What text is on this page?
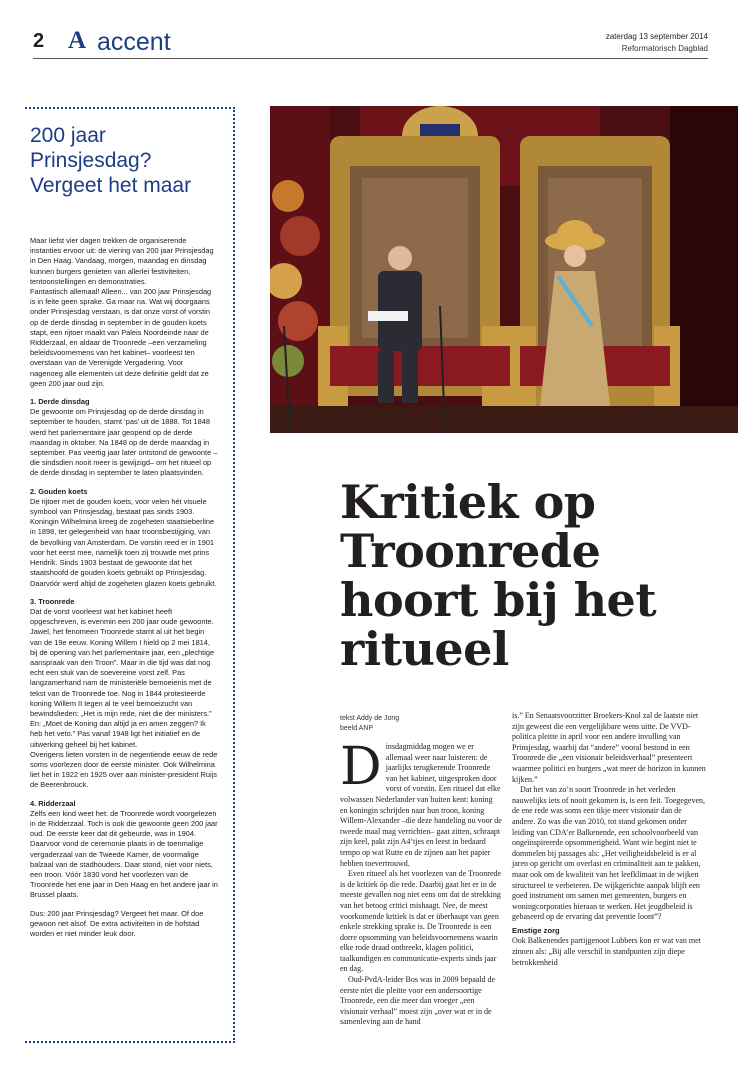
2 A accent	zaterdag 13 september 2014
Reformatorisch Dagblad
200 jaar Prinsjesdag? Vergeet het maar

Maar liefst vier dagen trekken de organiserende instanties ervoor uit: de viering van 200 jaar Prinsjesdag in Den Haag. Vandaag, morgen, maandag en dinsdag kunnen burgers genieten van allerlei festiviteiten, tentoonstellingen en demonstraties.

Fantastisch allemaal! Alleen... van 200 jaar Prinsjesdag is in feite geen sprake. Ga maar na. Wat wij doorgaans onder Prinsjesdag verstaan, is dat onze vorst of vorstin op de derde dinsdag in september in de gouden koets stapt, een rijtoer maakt van Paleis Noordeinde naar de Ridderzaal, en aldaar de Troonrede –een verzameling beleidsvoornemens van het kabinet– voorleest ten overstaan van de Verenigde Vergadering. Voor nagenoeg alle elementen uit deze definitie geldt dat ze geen 200 jaar oud zijn.

1. Derde dinsdag

De gewoonte om Prinsjesdag op de derde dinsdag in september te houden, stamt ‘pas’ uit de 1888. Tot 1848 werd het parlementaire jaar geopend op de derde maandag in oktober. Na 1848 op de derde maandag in september. Pas veertig jaar later ontstond de gewoonte –die sindsdien nooit meer is gewijzigd– om het ritueel op de derde dinsdag in september te laten plaatsvinden.

2. Gouden koets

De rijtoer met de gouden koets, voor velen hét visuele symbool van Prinsjesdag, bestaat pas sinds 1903. Koningin Wilhelmina kreeg de zogeheten staatsieberline in 1898, ter gelegenheid van haar troonsbestijging, van de bevolking van Amsterdam. De vorstin reed er in 1901 voor het eerst mee, namelijk toen zij trouwde met prins Hendrik. Sinds 1903 bestaat de gewoonte dat het staatshoofd de gouden koets gebruikt op Prinsjesdag. Daarvóór werd altijd de zogeheten glazen koets gebruikt.

3. Troonrede

Dat de vorst voorleest wat het kabinet heeft opgeschreven, is evenmin een 200 jaar oude gewoonte. Jawel, het fenomeen Troonrede stamt al uit het begin van de 19e eeuw. Koning Willem I hield op 2 mei 1814, bij de opening van het parlementaire jaar, een „plechtige aanspraak van den Troon”. Maar in die tijd was dat nog echt een stuk van de soevereine vorst zelf. Pas langzamerhand nam de ministeriële bemoeienis met de tekst van de Troonrede toe. Nog in 1844 protesteerde koning Willem II tegen al te veel bemoeizucht van bewindslieden: „Het is mijn rede, niet die der ministers.” En: „Moet de Koning dan altijd ja en amen zeggen? Ik heb het veto.” Pas vanaf 1948 ligt het initiatief en de uitwerking geheel bij het kabinet.

Overigens lieten vorsten in de negentiende eeuw de rede soms voorlezen door de eerste minister. Ook Wilhelmina liet het in 1922 en 1925 over aan minister-president Ruijs de Beerenbrouck.

4. Ridderzaal

Zelfs een kind weet het: de Troonrede wordt voorgelezen in de Ridderzaal. Toch is ook die gewoonte geen 200 jaar oud. De eerste keer dat dit gebeurde, was in 1904. Daarvoor vond de ceremonie plaats in de toenmalige vergaderzaal van de Tweede Kamer, de voormalige balzaal van de stadhouders. Daar stond, niet voor niets, een troon. Vóór 1830 vond het voorlezen van de Troonrede het ene jaar in Den Haag en het andere jaar in Brussel plaats.

Dus: 200 jaar Prinsjesdag? Vergeet het maar. Of doe gewoon net alsof. De extra activiteiten in de hofstad worden er niet minder leuk door.

Kritiek op Troonrede hoort bij het ritueel
tekst Addy de Jong
beeld ANP
D insdagmiddag mogen we er allemaal weer naar luisteren: de jaarlijks terugkerende Troonrede van het kabinet, uitgesproken door vorst of vorstin. Een ritueel dat elke volwassen Nederlander van buiten kent: koning en koningin schrijden naar hun troon, koning Willem-Alexander –die deze handeling nu voor de tweede maal mag verrichten– gaat zitten, schraapt zijn keel, pakt zijn A4’tjes en leest in bedaard tempo op wat Rutte en de zijnen aan het papier hebben toevertrouwd.

Even ritueel als het voorlezen van de Troonrede is de kritiek óp die rede. Daarbij gaat het er in de meeste gevallen nog niet eens om dat de strekking van het betoog critici mishaagt. Nee, de meest voorkomende kritiek is dat er überhaupt van geen enkele strekking sprake is. De Troonrede is een dorre opsomming van beleidsvoornemens waarin elke rode draad ontbreekt, klagen politici, taalkundigen en communicatie-experts sinds jaar en dag.

Oud-PvdA-leider Bos was in 2009 bepaald de eerste niet die pleitte voor een andersoortige Troonrede, een die meer dan vroeger „een visionair verhaal” moest zijn „over wat er in de samenleving aan de hand

is.” En Senaatsvoorzitter Broekers-Knol zal de laatste niet zijn geweest die een vergelijkbare wens uitte. De VVD-politica pleitte in april voor een andere invulling van Prinsjesdag, waarbij dat “andere” vooral bestond in een Troonrede die „een visionair beleidsverhaal” presenteert waarmee politici en burgers „wat meer de horizon in kunnen kijken.”

Dat het van zo’n soort Troonrede in het verleden nauwelijks iets of nooit gekomen is, is een feit. Toegegeven, de ene rede was soms een tikje meer visionair dan de andere. Zo was die van 2010, tot stand gekomen onder leiding van CDA’er Balkenende, een schoolvoorbeeld van ongeïnspireerde opsommerigheid. Want wie begint niet te dommelen bij passages als: „Het veiligheidsbeleid is er al jaren op gericht om overlast en criminaliteit aan te pakken, maar ook om de kwaliteit van het leefklimaat in de wijken structureel te verbeteren. De wijkgerichte aanpak blijft een goed instrument om samen met gemeenten, burgers en woningcorporaties hieraan te werken. Het jeugdbeleid is gebaseerd op de ervaring dat preventie loont”?

Emstige zorg

Ook Balkenendes partijgenoot Lubbers kon er wat van met zinnen als: „Bij alle verschil in standpunten zijn diepe betrokkenheid
